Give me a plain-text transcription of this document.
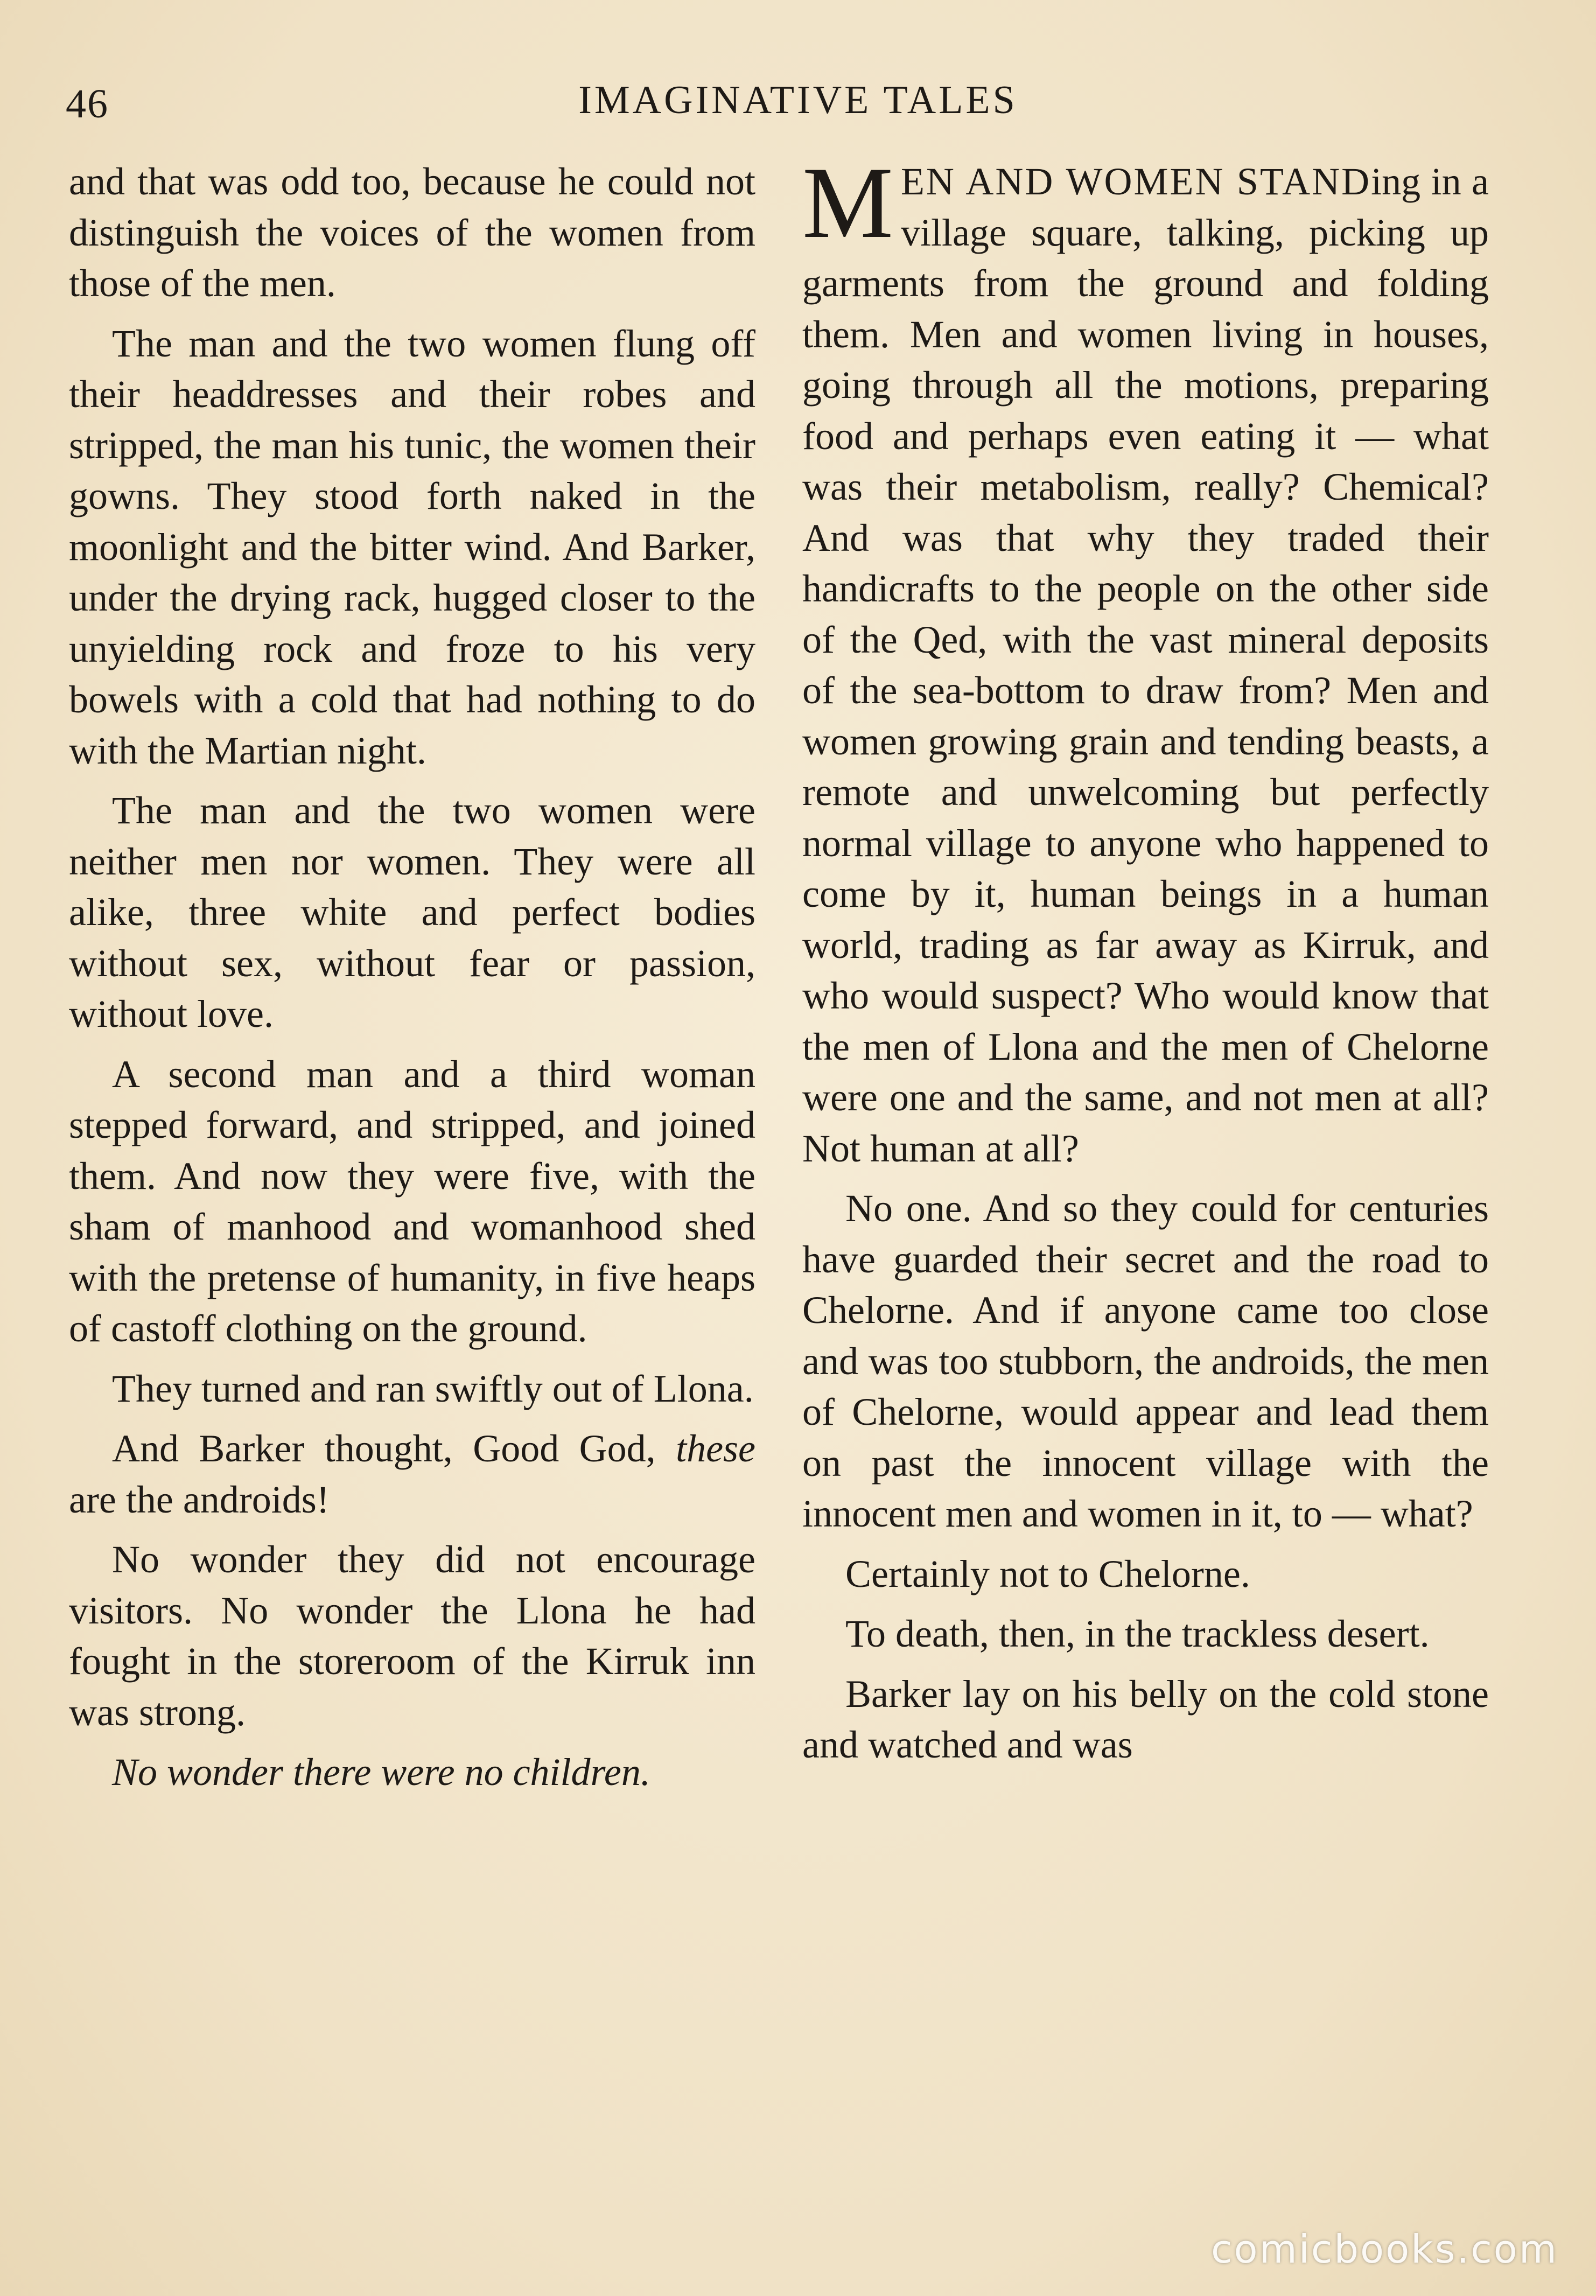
46	IMAGINATIVE TALES

and that was odd too, because he could not distinguish the voices of the women from those of the men.

The man and the two women flung off their headdresses and their robes and stripped, the man his tunic, the women their gowns. They stood forth naked in the moonlight and the bitter wind. And Barker, under the drying rack, hugged closer to the unyielding rock and froze to his very bowels with a cold that had nothing to do with the Martian night.

The man and the two women were neither men nor women. They were all alike, three white and perfect bodies without sex, without fear or passion, without love.

A second man and a third woman stepped forward, and stripped, and joined them. And now they were five, with the sham of manhood and womanhood shed with the pretense of humanity, in five heaps of castoff clothing on the ground.

They turned and ran swiftly out of Llona.

And Barker thought, Good God, these are the androids!

No wonder they did not encourage visitors. No wonder the Llona he had fought in the storeroom of the Kirruk inn was strong.

No wonder there were no children.

MEN AND WOMEN STANDing in a village square, talking, picking up garments from the ground and folding them. Men and women living in houses, going through all the motions, preparing food and perhaps even eating it — what was their metabolism, really? Chemical? And was that why they traded their handicrafts to the people on the other side of the Qed, with the vast mineral deposits of the sea-bottom to draw from? Men and women growing grain and tending beasts, a remote and unwelcoming but perfectly normal village to anyone who happened to come by it, human beings in a human world, trading as far away as Kirruk, and who would suspect? Who would know that the men of Llona and the men of Chelorne were one and the same, and not men at all? Not human at all?

No one. And so they could for centuries have guarded their secret and the road to Chelorne. And if anyone came too close and was too stubborn, the androids, the men of Chelorne, would appear and lead them on past the innocent village with the innocent men and women in it, to — what?

Certainly not to Chelorne.

To death, then, in the trackless desert.

Barker lay on his belly on the cold stone and watched and was

comicbooks.com
